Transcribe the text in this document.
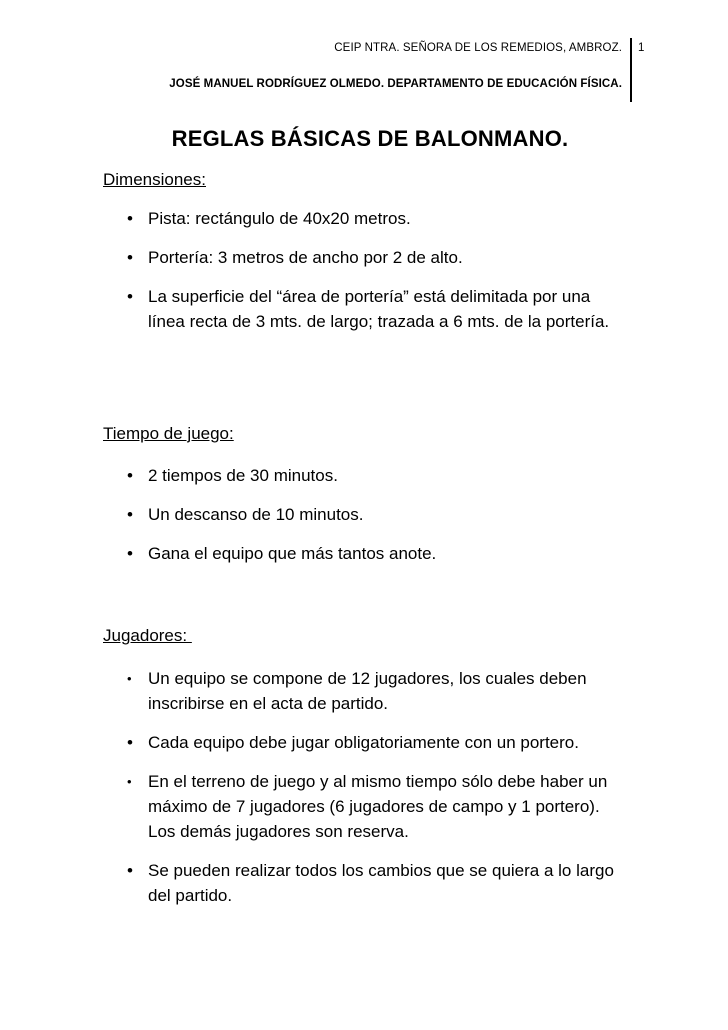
CEIP NTRA. SEÑORA DE LOS REMEDIOS, AMBROZ.
JOSÉ MANUEL RODRÍGUEZ OLMEDO. DEPARTAMENTO DE EDUCACIÓN FÍSICA.
1
REGLAS BÁSICAS DE BALONMANO.
Dimensiones:
• Pista: rectángulo de 40x20 metros.
• Portería: 3 metros de ancho por 2 de alto.
• La superficie del “área de portería” está delimitada por una línea recta de 3 mts. de largo; trazada a 6 mts. de la portería.
Tiempo de juego:
• 2 tiempos de 30 minutos.
• Un descanso de 10 minutos.
• Gana el equipo que más tantos anote.
Jugadores:
• Un equipo se compone de 12 jugadores, los cuales deben inscribirse en el acta de partido.
• Cada equipo debe jugar obligatoriamente con un portero.
• En el terreno de juego y al mismo tiempo sólo debe haber un máximo de 7 jugadores (6 jugadores de campo y 1 portero). Los demás jugadores son reserva.
• Se pueden realizar todos los cambios que se quiera a lo largo del partido.
